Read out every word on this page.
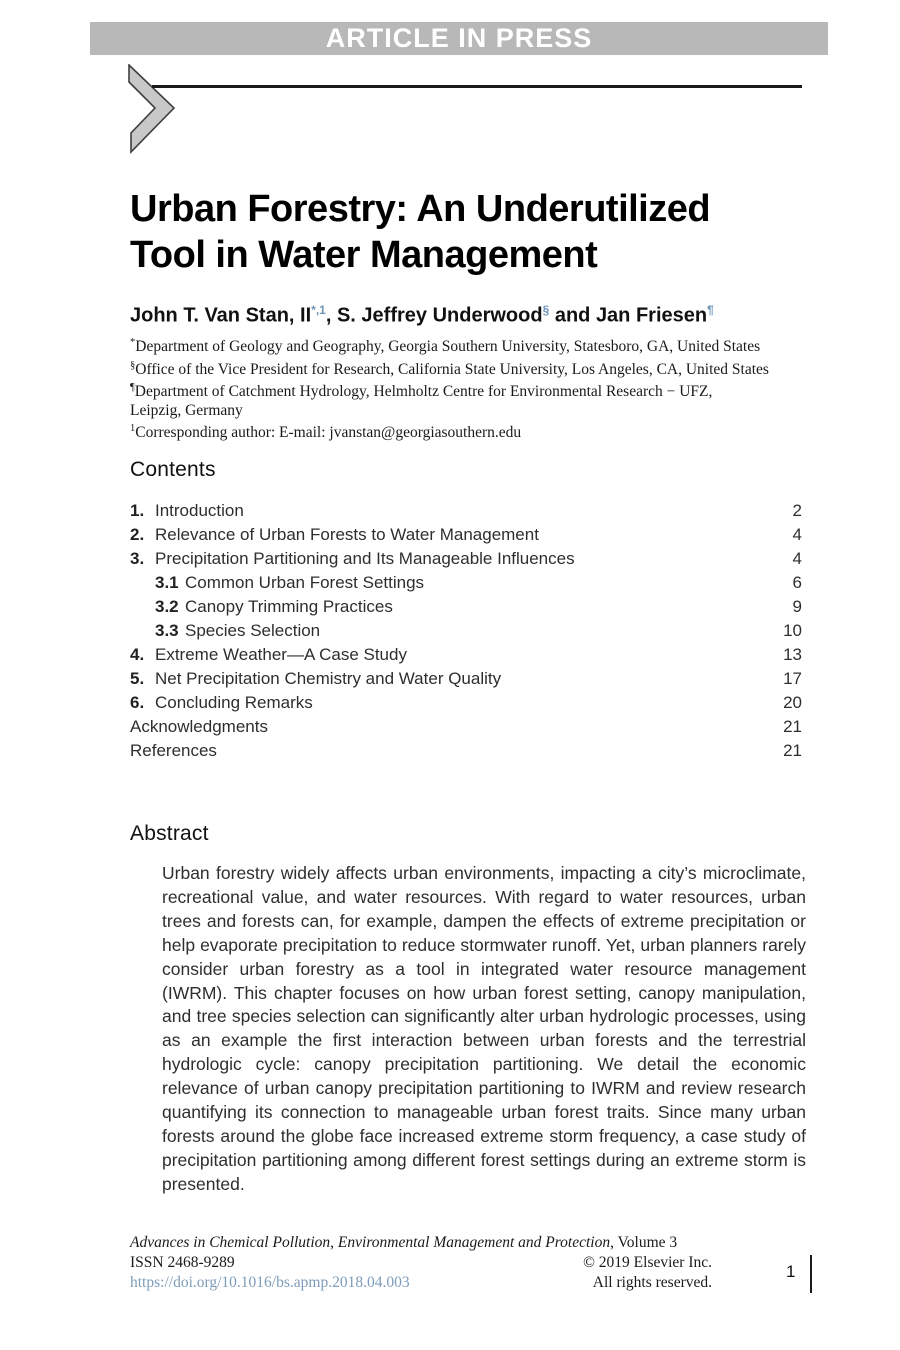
ARTICLE IN PRESS
Urban Forestry: An Underutilized
Tool in Water Management
John T. Van Stan, $II^{*,1}$, S. Jeffrey Underwood§ and Jan Friesen¶
*Department of Geology and Geography, Georgia Southern University, Statesboro, GA, United States
§Office of the Vice President for Research, California State University, Los Angeles, CA, United States
¶Department of Catchment Hydrology, Helmholtz Centre for Environmental Research − UFZ,
Leipzig, Germany
$^1$Corresponding author: E-mail: jvanstan@georgiasouthern.edu
Contents
1. Introduction	2
2. Relevance of Urban Forests to Water Management	4
3. Precipitation Partitioning and Its Manageable Influences	4
3.1 Common Urban Forest Settings	6
3.2 Canopy Trimming Practices	9
3.3 Species Selection	10
4. Extreme Weather—A Case Study	13
5. Net Precipitation Chemistry and Water Quality	17
6. Concluding Remarks	20
Acknowledgments	21
References	21
Abstract

Urban forestry widely affects urban environments, impacting a city’s microclimate, recreational value, and water resources. With regard to water resources, urban trees and forests can, for example, dampen the effects of extreme precipitation or help evaporate precipitation to reduce stormwater runoff. Yet, urban planners rarely consider urban forestry as a tool in integrated water resource management (IWRM). This chapter focuses on how urban forest setting, canopy manipulation, and tree species selection can significantly alter urban hydrologic processes, using as an example the first interaction between urban forests and the terrestrial hydrologic cycle: canopy precipitation partitioning. We detail the economic relevance of urban canopy precipitation partitioning to IWRM and review research quantifying its connection to manageable urban forest traits. Since many urban forests around the globe face increased extreme storm frequency, a case study of precipitation partitioning among different forest settings during an extreme storm is presented.

Advances in Chemical Pollution, Environmental Management and Protection, Volume 3
ISSN 2468-9289	© 2019 Elsevier Inc.
https://doi.org/10.1016/bs.apmp.2018.04.003	All rights reserved.
1
